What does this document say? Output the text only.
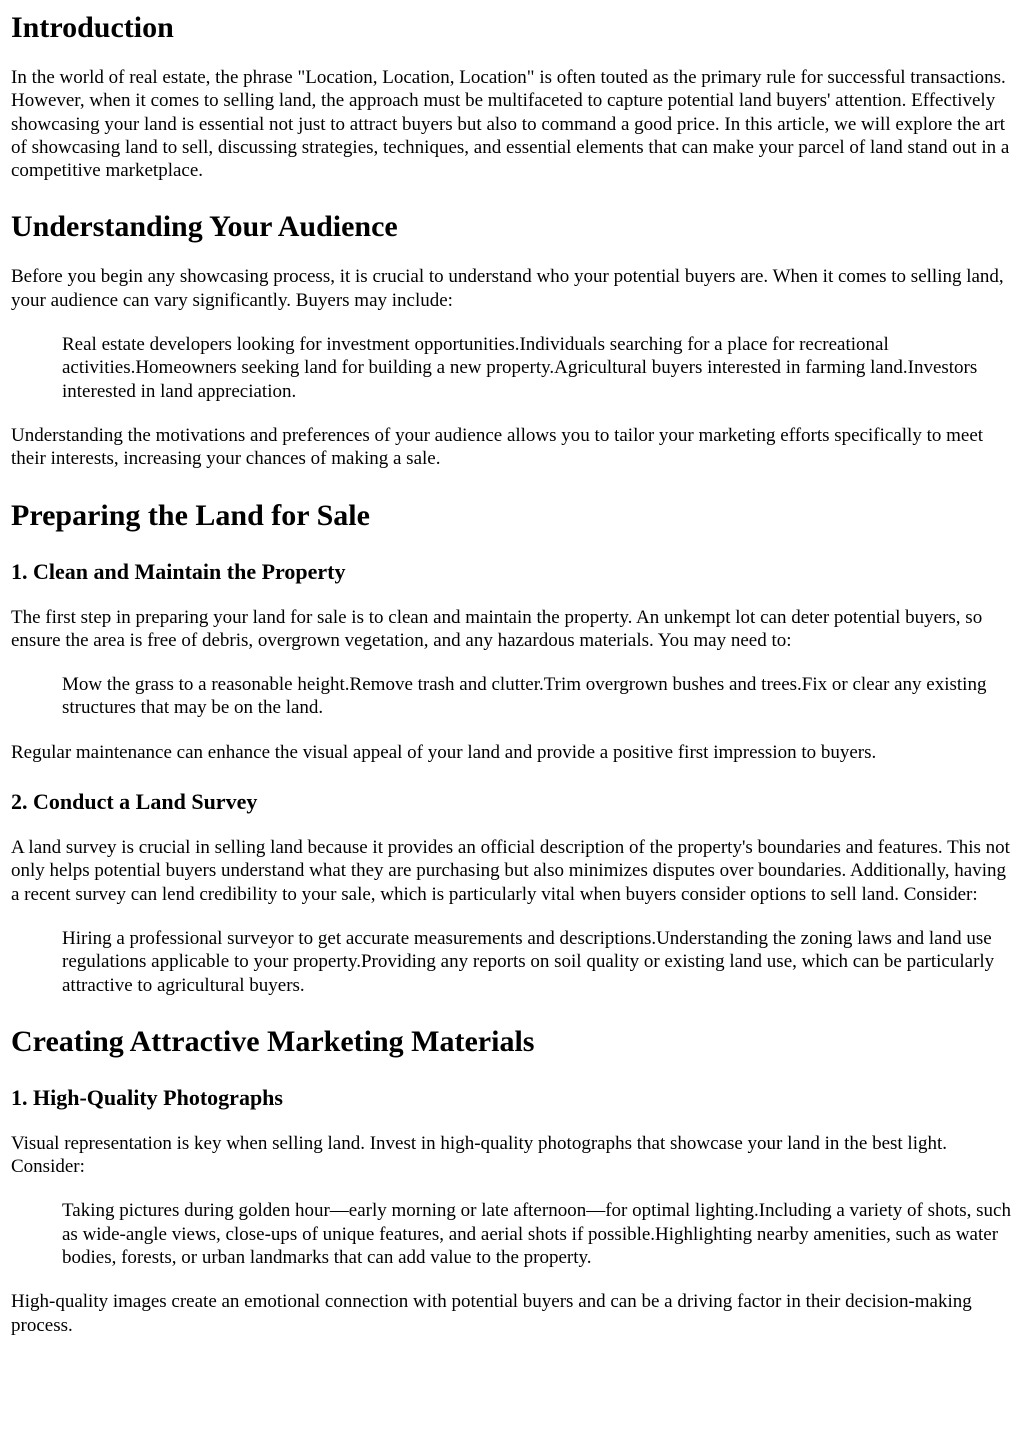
Introduction

In the world of real estate, the phrase "Location, Location, Location" is often touted as the primary rule for successful transactions. However, when it comes to selling land, the approach must be multifaceted to capture potential land buyers' attention. Effectively showcasing your land is essential not just to attract buyers but also to command a good price. In this article, we will explore the art of showcasing land to sell, discussing strategies, techniques, and essential elements that can make your parcel of land stand out in a competitive marketplace.

Understanding Your Audience

Before you begin any showcasing process, it is crucial to understand who your potential buyers are. When it comes to selling land, your audience can vary significantly. Buyers may include:

Real estate developers looking for investment opportunities.Individuals searching for a place for recreational activities.Homeowners seeking land for building a new property.Agricultural buyers interested in farming land.Investors interested in land appreciation.

Understanding the motivations and preferences of your audience allows you to tailor your marketing efforts specifically to meet their interests, increasing your chances of making a sale.

Preparing the Land for Sale
1. Clean and Maintain the Property

The first step in preparing your land for sale is to clean and maintain the property. An unkempt lot can deter potential buyers, so ensure the area is free of debris, overgrown vegetation, and any hazardous materials. You may need to:

Mow the grass to a reasonable height.Remove trash and clutter.Trim overgrown bushes and trees.Fix or clear any existing structures that may be on the land.

Regular maintenance can enhance the visual appeal of your land and provide a positive first impression to buyers.

2. Conduct a Land Survey

A land survey is crucial in selling land because it provides an official description of the property's boundaries and features. This not only helps potential buyers understand what they are purchasing but also minimizes disputes over boundaries. Additionally, having a recent survey can lend credibility to your sale, which is particularly vital when buyers consider options to sell land. Consider:

Hiring a professional surveyor to get accurate measurements and descriptions.Understanding the zoning laws and land use regulations applicable to your property.Providing any reports on soil quality or existing land use, which can be particularly attractive to agricultural buyers.
Creating Attractive Marketing Materials
1. High-Quality Photographs

Visual representation is key when selling land. Invest in high-quality photographs that showcase your land in the best light. Consider:

Taking pictures during golden hour—early morning or late afternoon—for optimal lighting.Including a variety of shots, such as wide-angle views, close-ups of unique features, and aerial shots if possible.Highlighting nearby amenities, such as water bodies, forests, or urban landmarks that can add value to the property.

High-quality images create an emotional connection with potential buyers and can be a driving factor in their decision-making process.
